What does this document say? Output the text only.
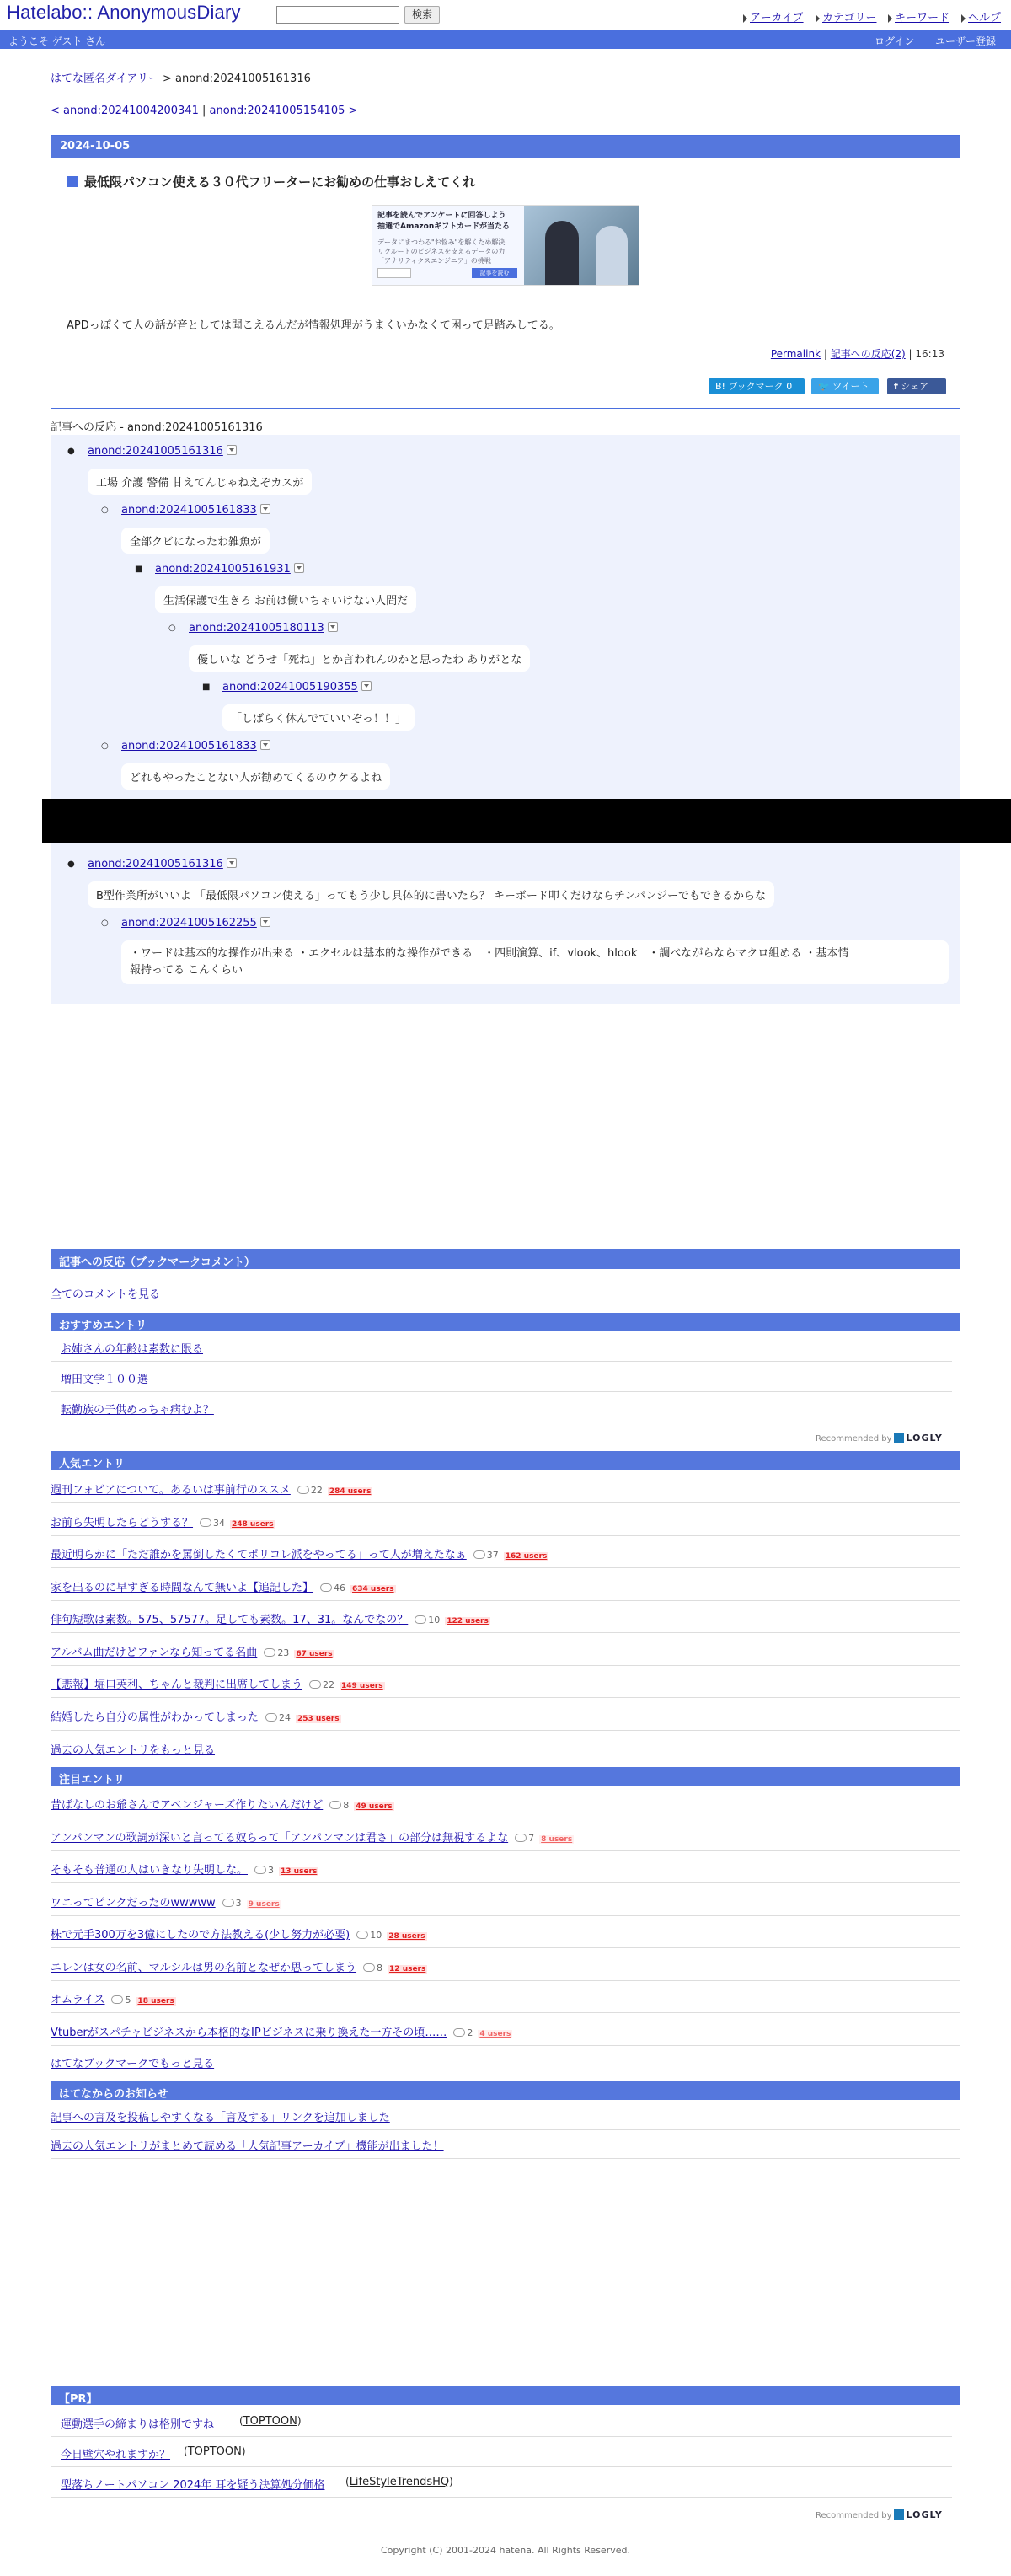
Hatelabo:: AnonymousDiary	検索	アーカイブ	カテゴリー	キーワード	ヘルプ
ようこそ ゲスト さん	ログイン ユーザー登録
はてな匿名ダイアリー > anond:20241005161316
< anond:20241004200341 | anond:20241005154105 >
2024-10-05
最低限パソコン使える３０代フリーターにお勧めの仕事おしえてくれ
記事を読んでアンケートに回答しよう
抽選でAmazonギフトカードが当たる
データにまつわる"お悩み"を解くため解決
リクルートのビジネスを支えるデータの力
「アナリティクスエンジニア」の挑戦
記事を読む
APDっぽくて人の話が音としては聞こえるんだが情報処理がうまくいかなくて困って足踏みしてる。
Permalink | 記事への反応(2) | 16:13
B! ブックマーク 0	🐦 ツイート	f シェア
記事への反応 - anond:20241005161316
● anond:20241005161316
工場 介護 警備 甘えてんじゃねえぞカスが
○ anond:20241005161833
全部クビになったわ雑魚が
■ anond:20241005161931
生活保護で生きろ お前は働いちゃいけない人間だ
○ anond:20241005180113
優しいな どうせ「死ね」とか言われんのかと思ったわ ありがとな
■ anond:20241005190355
「しばらく休んでていいぞっ！！」
○ anond:20241005161833
どれもやったことない人が勧めてくるのウケるよね
● anond:20241005161316
B型作業所がいいよ 「最低限パソコン使える」ってもう少し具体的に書いたら？ キーボード叩くだけならチンパンジーでもできるからな
○ anond:20241005162255
・ワードは基本的な操作が出来る ・エクセルは基本的な操作ができる　・四則演算、if、vlook、hlook　・調べながらならマクロ組める ・基本情
報持ってる こんくらい
記事への反応（ブックマークコメント）
全てのコメントを見る
おすすめエントリ
お姉さんの年齢は素数に限る
増田文学１００選
転勤族の子供めっちゃ病むよ？
Recommended by LOGLY
人気エントリ
週刊フォビアについて。あるいは事前行のススメ 22 284 users
お前ら失明したらどうする？ 34 248 users
最近明らかに「ただ誰かを罵倒したくてポリコレ派をやってる」って人が増えたなぁ 37 162 users
家を出るのに早すぎる時間なんて無いよ【追記した】 46 634 users
俳句短歌は素数。575、57577。足しても素数。17、31。なんでなの？ 10 122 users
アルバム曲だけどファンなら知ってる名曲 23 67 users
【悲報】堀口英利、ちゃんと裁判に出席してしまう 22 149 users
結婚したら自分の属性がわかってしまった 24 253 users
過去の人気エントリをもっと見る
注目エントリ
昔ばなしのお爺さんでアベンジャーズ作りたいんだけど 8 49 users
アンパンマンの歌詞が深いと言ってる奴らって「アンパンマンは君さ」の部分は無視するよな 7 8 users
そもそも普通の人はいきなり失明しな。 3 13 users
ワニってピンクだったのwwwww 3 9 users
株で元手300万を3億にしたので方法教える(少し努力が必要) 10 28 users
エレンは女の名前、マルシルは男の名前となぜか思ってしまう 8 12 users
オムライス 5 18 users
Vtuberがスパチャビジネスから本格的なIPビジネスに乗り換えた一方その頃…… 2 4 users
はてなブックマークでもっと見る
はてなからのお知らせ
記事への言及を投稿しやすくなる「言及する」リンクを追加しました
過去の人気エントリがまとめて読める「人気記事アーカイブ」機能が出ました！
【PR】
運動選手の締まりは格別ですね (TOPTOON)
今日壁穴やれますか？ (TOPTOON)
型落ちノートパソコン 2024年 耳を疑う決算処分価格 (LifeStyleTrendsHQ)
Recommended by LOGLY
Copyright (C) 2001-2024 hatena. All Rights Reserved.
